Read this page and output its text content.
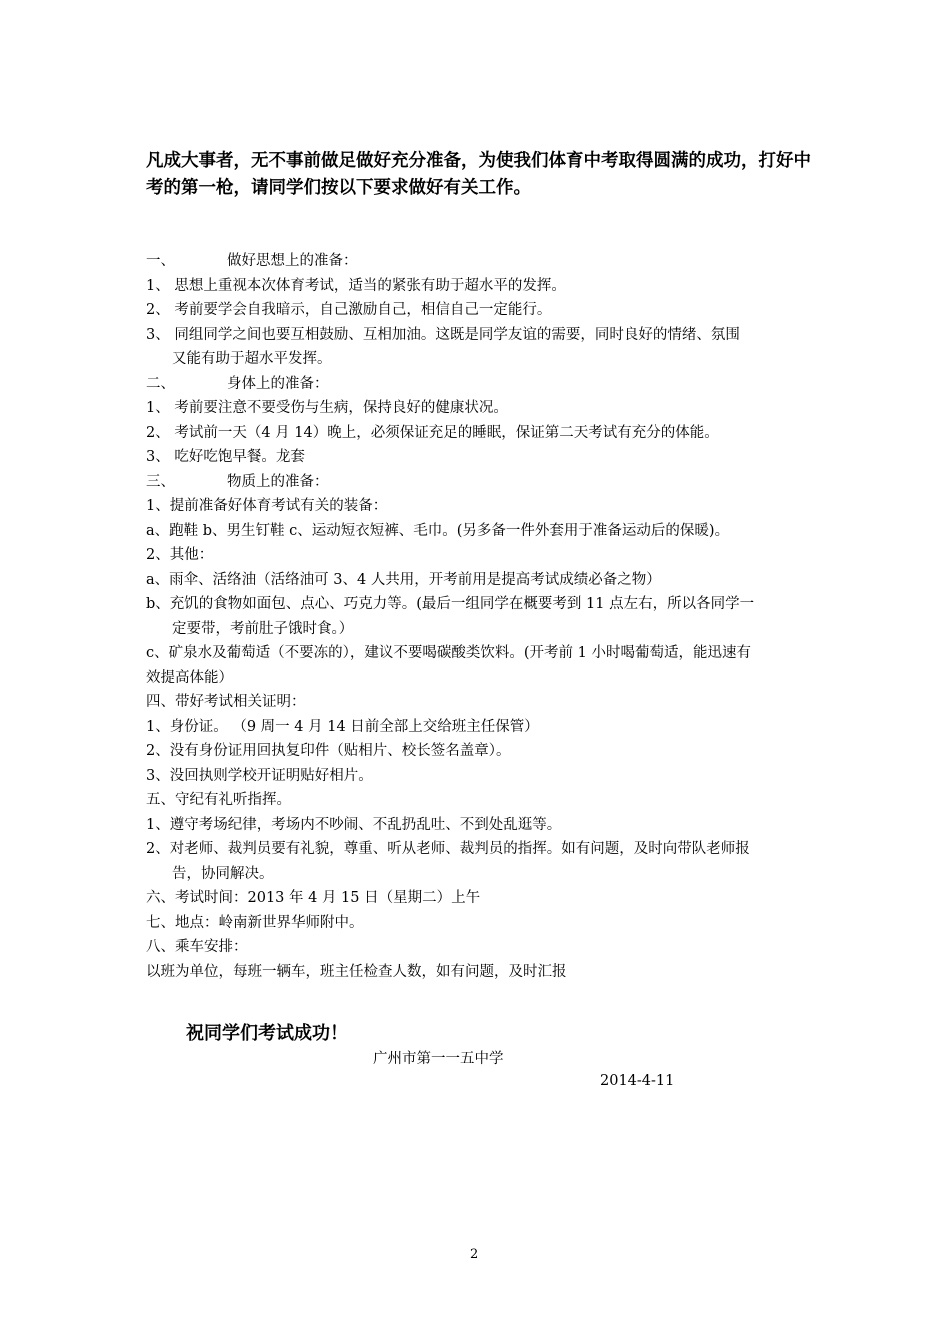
凡成大事者，无不事前做足做好充分准备，为使我们体育中考取得圆满的成功，打好中考的第一枪，请同学们按以下要求做好有关工作。

一、	做好思想上的准备：
1、 思想上重视本次体育考试，适当的紧张有助于超水平的发挥。
2、 考前要学会自我暗示，自己激励自己，相信自己一定能行。
3、 同组同学之间也要互相鼓励、互相加油。这既是同学友谊的需要，同时良好的情绪、氛围
又能有助于超水平发挥。
二、	身体上的准备：
1、 考前要注意不要受伤与生病，保持良好的健康状况。
2、 考试前一天（4 月 14）晚上，必须保证充足的睡眠，保证第二天考试有充分的体能。
3、 吃好吃饱早餐。龙套
三、	物质上的准备：
1、提前准备好体育考试有关的装备：
a、跑鞋 b、男生钉鞋 c、运动短衣短裤、毛巾。(另多备一件外套用于准备运动后的保暖)。
2、其他：
a、雨伞、活络油（活络油可 3、4 人共用，开考前用是提高考试成绩必备之物）
b、充饥的食物如面包、点心、巧克力等。(最后一组同学在概要考到 11 点左右，所以各同学一
定要带，考前肚子饿时食。）
c、矿泉水及葡萄适（不要冻的），建议不要喝碳酸类饮料。(开考前 1 小时喝葡萄适，能迅速有
效提高体能）
四、带好考试相关证明：
1、身份证。 （9 周一 4 月 14 日前全部上交给班主任保管）
2、没有身份证用回执复印件（贴相片、校长签名盖章）。
3、没回执则学校开证明贴好相片。
五、守纪有礼听指挥。
1、遵守考场纪律，考场内不吵闹、不乱扔乱吐、不到处乱逛等。
2、对老师、裁判员要有礼貌，尊重、听从老师、裁判员的指挥。如有问题，及时向带队老师报
告，协同解决。
六、考试时间：2013 年 4 月 15 日（星期二）上午
七、地点：岭南新世界华师附中。
八、乘车安排：
以班为单位，每班一辆车，班主任检查人数，如有问题，及时汇报
祝同学们考试成功！
广州市第一一五中学
2014-4-11
2
